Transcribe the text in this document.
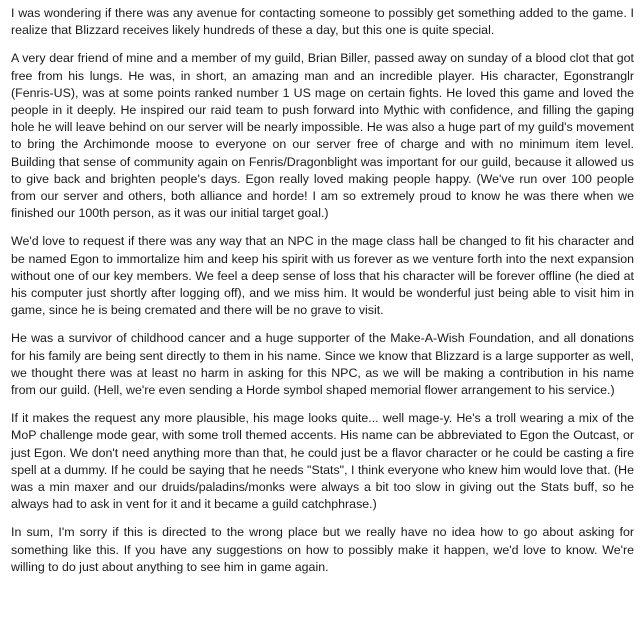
I was wondering if there was any avenue for contacting someone to possibly get something added to the game. I realize that Blizzard receives likely hundreds of these a day, but this one is quite special.

A very dear friend of mine and a member of my guild, Brian Biller, passed away on sunday of a blood clot that got free from his lungs. He was, in short, an amazing man and an incredible player. His character, Egonstranglr (Fenris-US), was at some points ranked number 1 US mage on certain fights. He loved this game and loved the people in it deeply. He inspired our raid team to push forward into Mythic with confidence, and filling the gaping hole he will leave behind on our server will be nearly impossible. He was also a huge part of my guild's movement to bring the Archimonde moose to everyone on our server free of charge and with no minimum item level. Building that sense of community again on Fenris/Dragonblight was important for our guild, because it allowed us to give back and brighten people's days. Egon really loved making people happy. (We've run over 100 people from our server and others, both alliance and horde! I am so extremely proud to know he was there when we finished our 100th person, as it was our initial target goal.)

We'd love to request if there was any way that an NPC in the mage class hall be changed to fit his character and be named Egon to immortalize him and keep his spirit with us forever as we venture forth into the next expansion without one of our key members. We feel a deep sense of loss that his character will be forever offline (he died at his computer just shortly after logging off), and we miss him. It would be wonderful just being able to visit him in game, since he is being cremated and there will be no grave to visit.

He was a survivor of childhood cancer and a huge supporter of the Make-A-Wish Foundation, and all donations for his family are being sent directly to them in his name. Since we know that Blizzard is a large supporter as well, we thought there was at least no harm in asking for this NPC, as we will be making a contribution in his name from our guild. (Hell, we're even sending a Horde symbol shaped memorial flower arrangement to his service.)

If it makes the request any more plausible, his mage looks quite... well mage-y. He's a troll wearing a mix of the MoP challenge mode gear, with some troll themed accents. His name can be abbreviated to Egon the Outcast, or just Egon. We don't need anything more than that, he could just be a flavor character or he could be casting a fire spell at a dummy. If he could be saying that he needs "Stats", I think everyone who knew him would love that. (He was a min maxer and our druids/paladins/monks were always a bit too slow in giving out the Stats buff, so he always had to ask in vent for it and it became a guild catchphrase.)

In sum, I'm sorry if this is directed to the wrong place but we really have no idea how to go about asking for something like this. If you have any suggestions on how to possibly make it happen, we'd love to know. We're willing to do just about anything to see him in game again.
